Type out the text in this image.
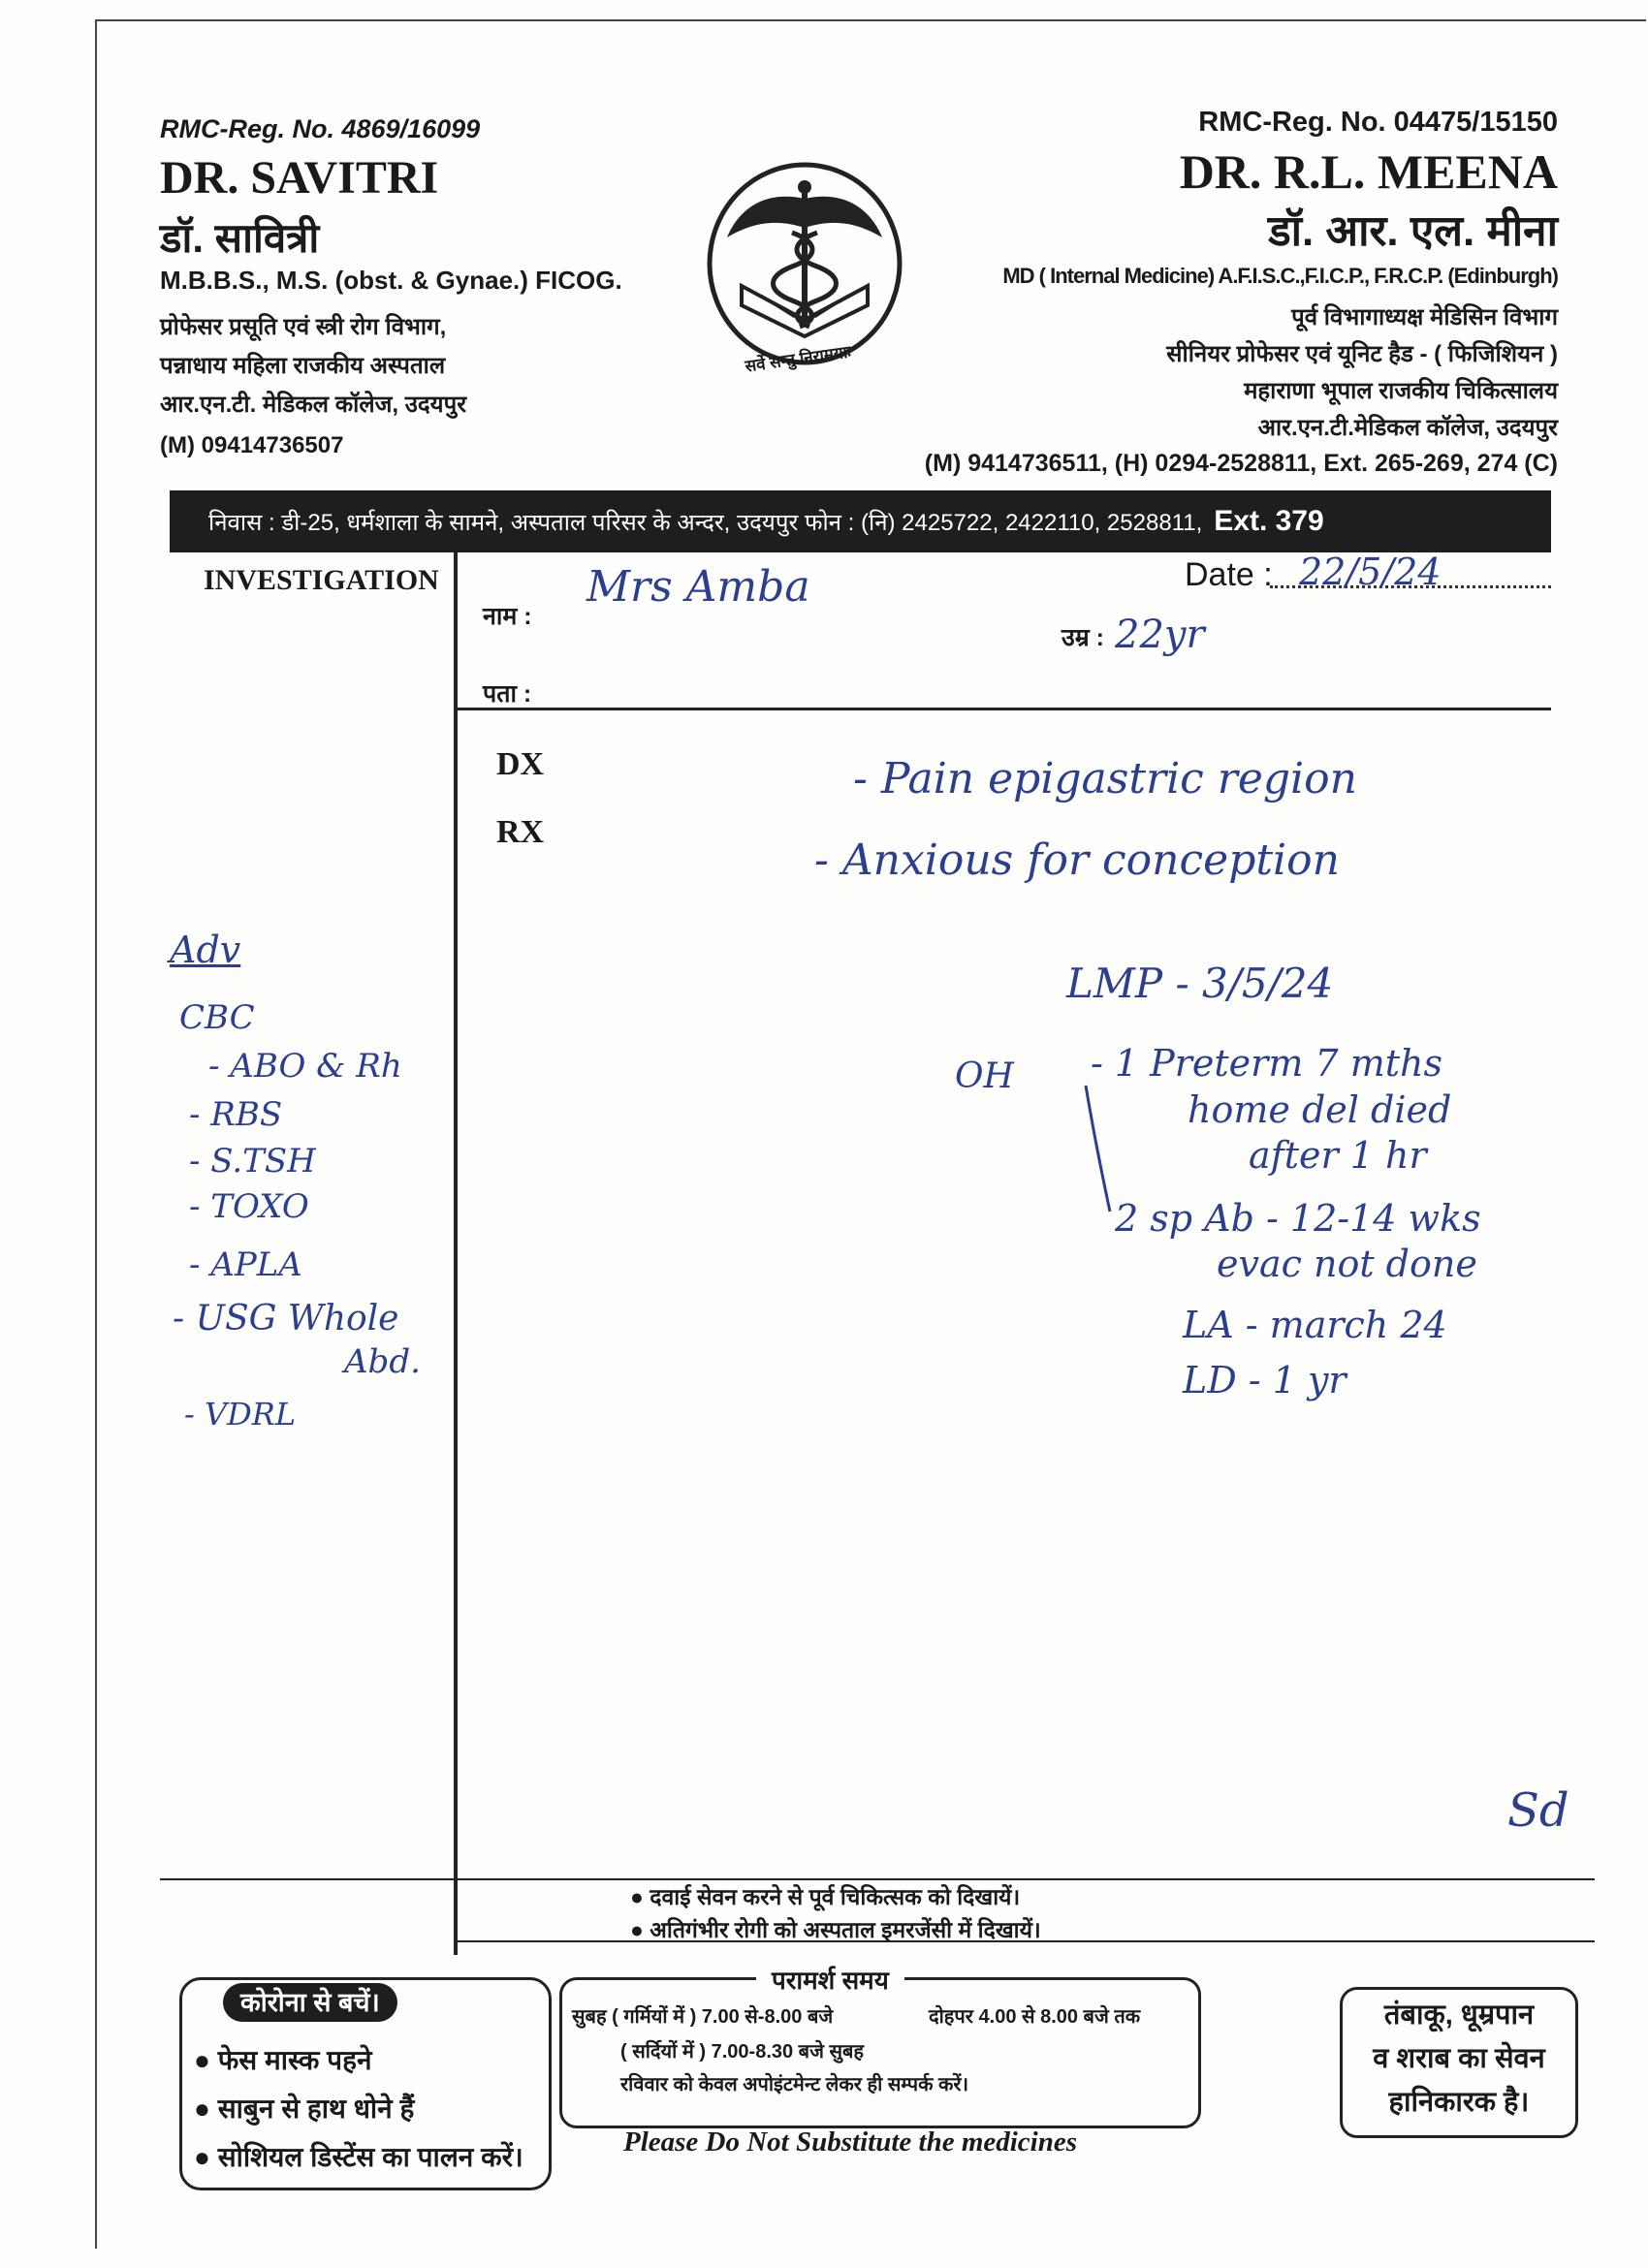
RMC-Reg. No. 4869/16099
DR. SAVITRI
डॉ. सावित्री
M.B.B.S., M.S. (obst. & Gynae.) FICOG.
प्रोफेसर प्रसूति एवं स्त्री रोग विभाग,
पन्नाधाय महिला राजकीय अस्पताल
आर.एन.टी. मेडिकल कॉलेज, उदयपुर
(M) 09414736507
सर्वे सन्तु निरामयाः
RMC-Reg. No. 04475/15150
DR. R.L. MEENA
डॉ. आर. एल. मीना
MD ( Internal Medicine) A.F.I.S.C.,F.I.C.P., F.R.C.P. (Edinburgh)
पूर्व विभागाध्यक्ष मेडिसिन विभाग
सीनियर प्रोफेसर एवं यूनिट हैड - ( फिजिशियन )
महाराणा भूपाल राजकीय चिकित्सालय
आर.एन.टी.मेडिकल कॉलेज, उदयपुर
(M) 9414736511, (H) 0294-2528811, Ext. 265-269, 274 (C)
निवास : डी-25, धर्मशाला के सामने, अस्पताल परिसर के अन्दर, उदयपुर फोन : (नि) 2425722, 2422110, 2528811, Ext. 379
INVESTIGATION
नाम :
Mrs Amba	Date : 22/5/24
उम्र : 22yr
पता :
DX
RX
- Pain epigastric region
- Anxious for conception
LMP - 3/5/24
OH - 1 Preterm 7 mths
home del died
after 1 hr
2 sp Ab - 12-14 wks
evac not done
LA - march 24
LD - 1 yr
Adv
CBC
- ABO & Rh
- RBS
- S.TSH
- TOXO
- APLA
- USG Whole
Abd.
- VDRL
Sd
● दवाई सेवन करने से पूर्व चिकित्सक को दिखायें।
● अतिगंभीर रोगी को अस्पताल इमरजेंसी में दिखायें।
कोरोना से बचें।
● फेस मास्क पहने
● साबुन से हाथ धोने हैं
● सोशियल डिस्टेंस का पालन करें।
परामर्श समय
सुबह ( गर्मियों में ) 7.00 से-8.00 बजे	दोहपर 4.00 से 8.00 बजे तक
( सर्दियों में ) 7.00-8.30 बजे सुबह
रविवार को केवल अपोइंटमेन्ट लेकर ही सम्पर्क करें।
तंबाकू, धूम्रपान
व शराब का सेवन
हानिकारक है।
Please Do Not Substitute the medicines
